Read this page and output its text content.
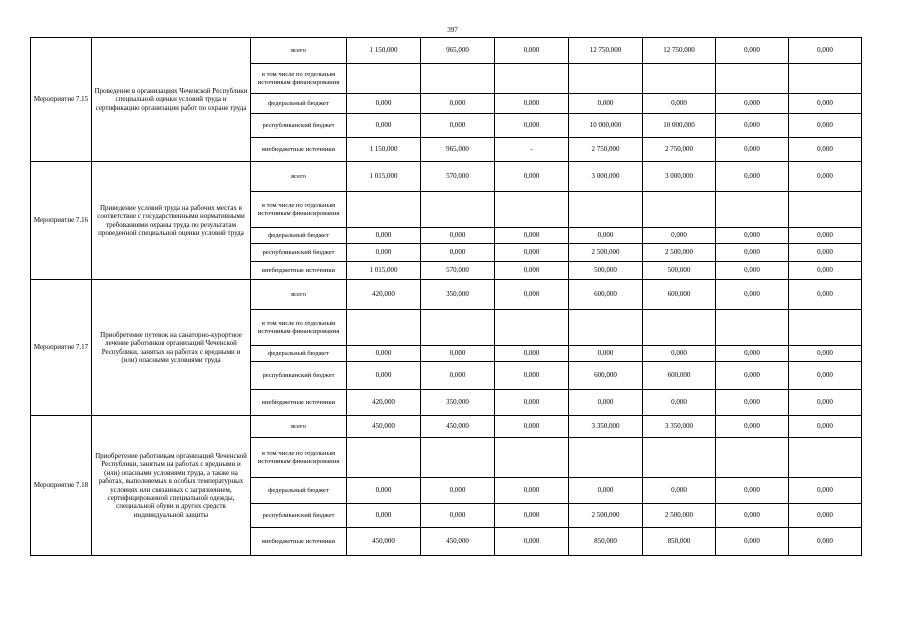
397
Мероприятие 7.15	Проведение в организациях Чеченской Республики специальной оценки условий труда и сертификацию организации работ по охране труда	всего	1 150,000	965,000	0,000	12 750,000	12 750,000	0,000	0,000
		в том числе по отдельным источникам финансирования							
		федеральный бюджет	0,000	0,000	0,000	0,000	0,000	0,000	0,000
		республиканский бюджет	0,000	0,000	0,000	10 000,000	10 000,000	0,000	0,000
		внебюджетные источники	1 150,000	965,000	-	2 750,000	2 750,000	0,000	0,000
Мероприятие 7.16	Приведение условий труда на рабочих местах в соответствие с государственными нормативными требованиями охраны труда по результатам проведенной специальной оценки условий труда	всего	1 015,000	570,000	0,000	3 000,000	3 000,000	0,000	0,000
		в том числе по отдельным источникам финансирования							
		федеральный бюджет	0,000	0,000	0,000	0,000	0,000	0,000	0,000
		республиканский бюджет	0,000	0,000	0,000	2 500,000	2 500,000	0,000	0,000
		внебюджетные источники	1 015,000	570,000	0,000	500,000	500,000	0,000	0,000
Мероприятие 7.17	Приобретение путевок на санаторно-курортное лечение работников организаций Чеченской Республики, занятых на работах с вредными и (или) опасными условиями труда	всего	420,000	350,000	0,000	600,000	600,000	0,000	0,000
		в том числе по отдельным источникам финансирования							
		федеральный бюджет	0,000	0,000	0,000	0,000	0,000	0,000	0,000
		республиканский бюджет	0,000	0,000	0,000	600,000	600,000	0,000	0,000
		внебюджетные источники	420,000	350,000	0,000	0,000	0,000	0,000	0,000
Мероприятие 7.18	Приобретение работникам организаций Чеченской Республики, занятым на работах с вредными и (или) опасными условиями труда, а также на работах, выполняемых в особых температурных условиях или связанных с загрязнением, сертифицированной специальной одежды, специальной обуви и других средств индивидуальной защиты	всего	450,000	450,000	0,000	3 350,000	3 350,000	0,000	0,000
		в том числе по отдельным источникам финансирования							
		федеральный бюджет	0,000	0,000	0,000	0,000	0,000	0,000	0,000
		республиканский бюджет	0,000	0,000	0,000	2 500,000	2 500,000	0,000	0,000
		внебюджетные источники	450,000	450,000	0,000	850,000	850,000	0,000	0,000
